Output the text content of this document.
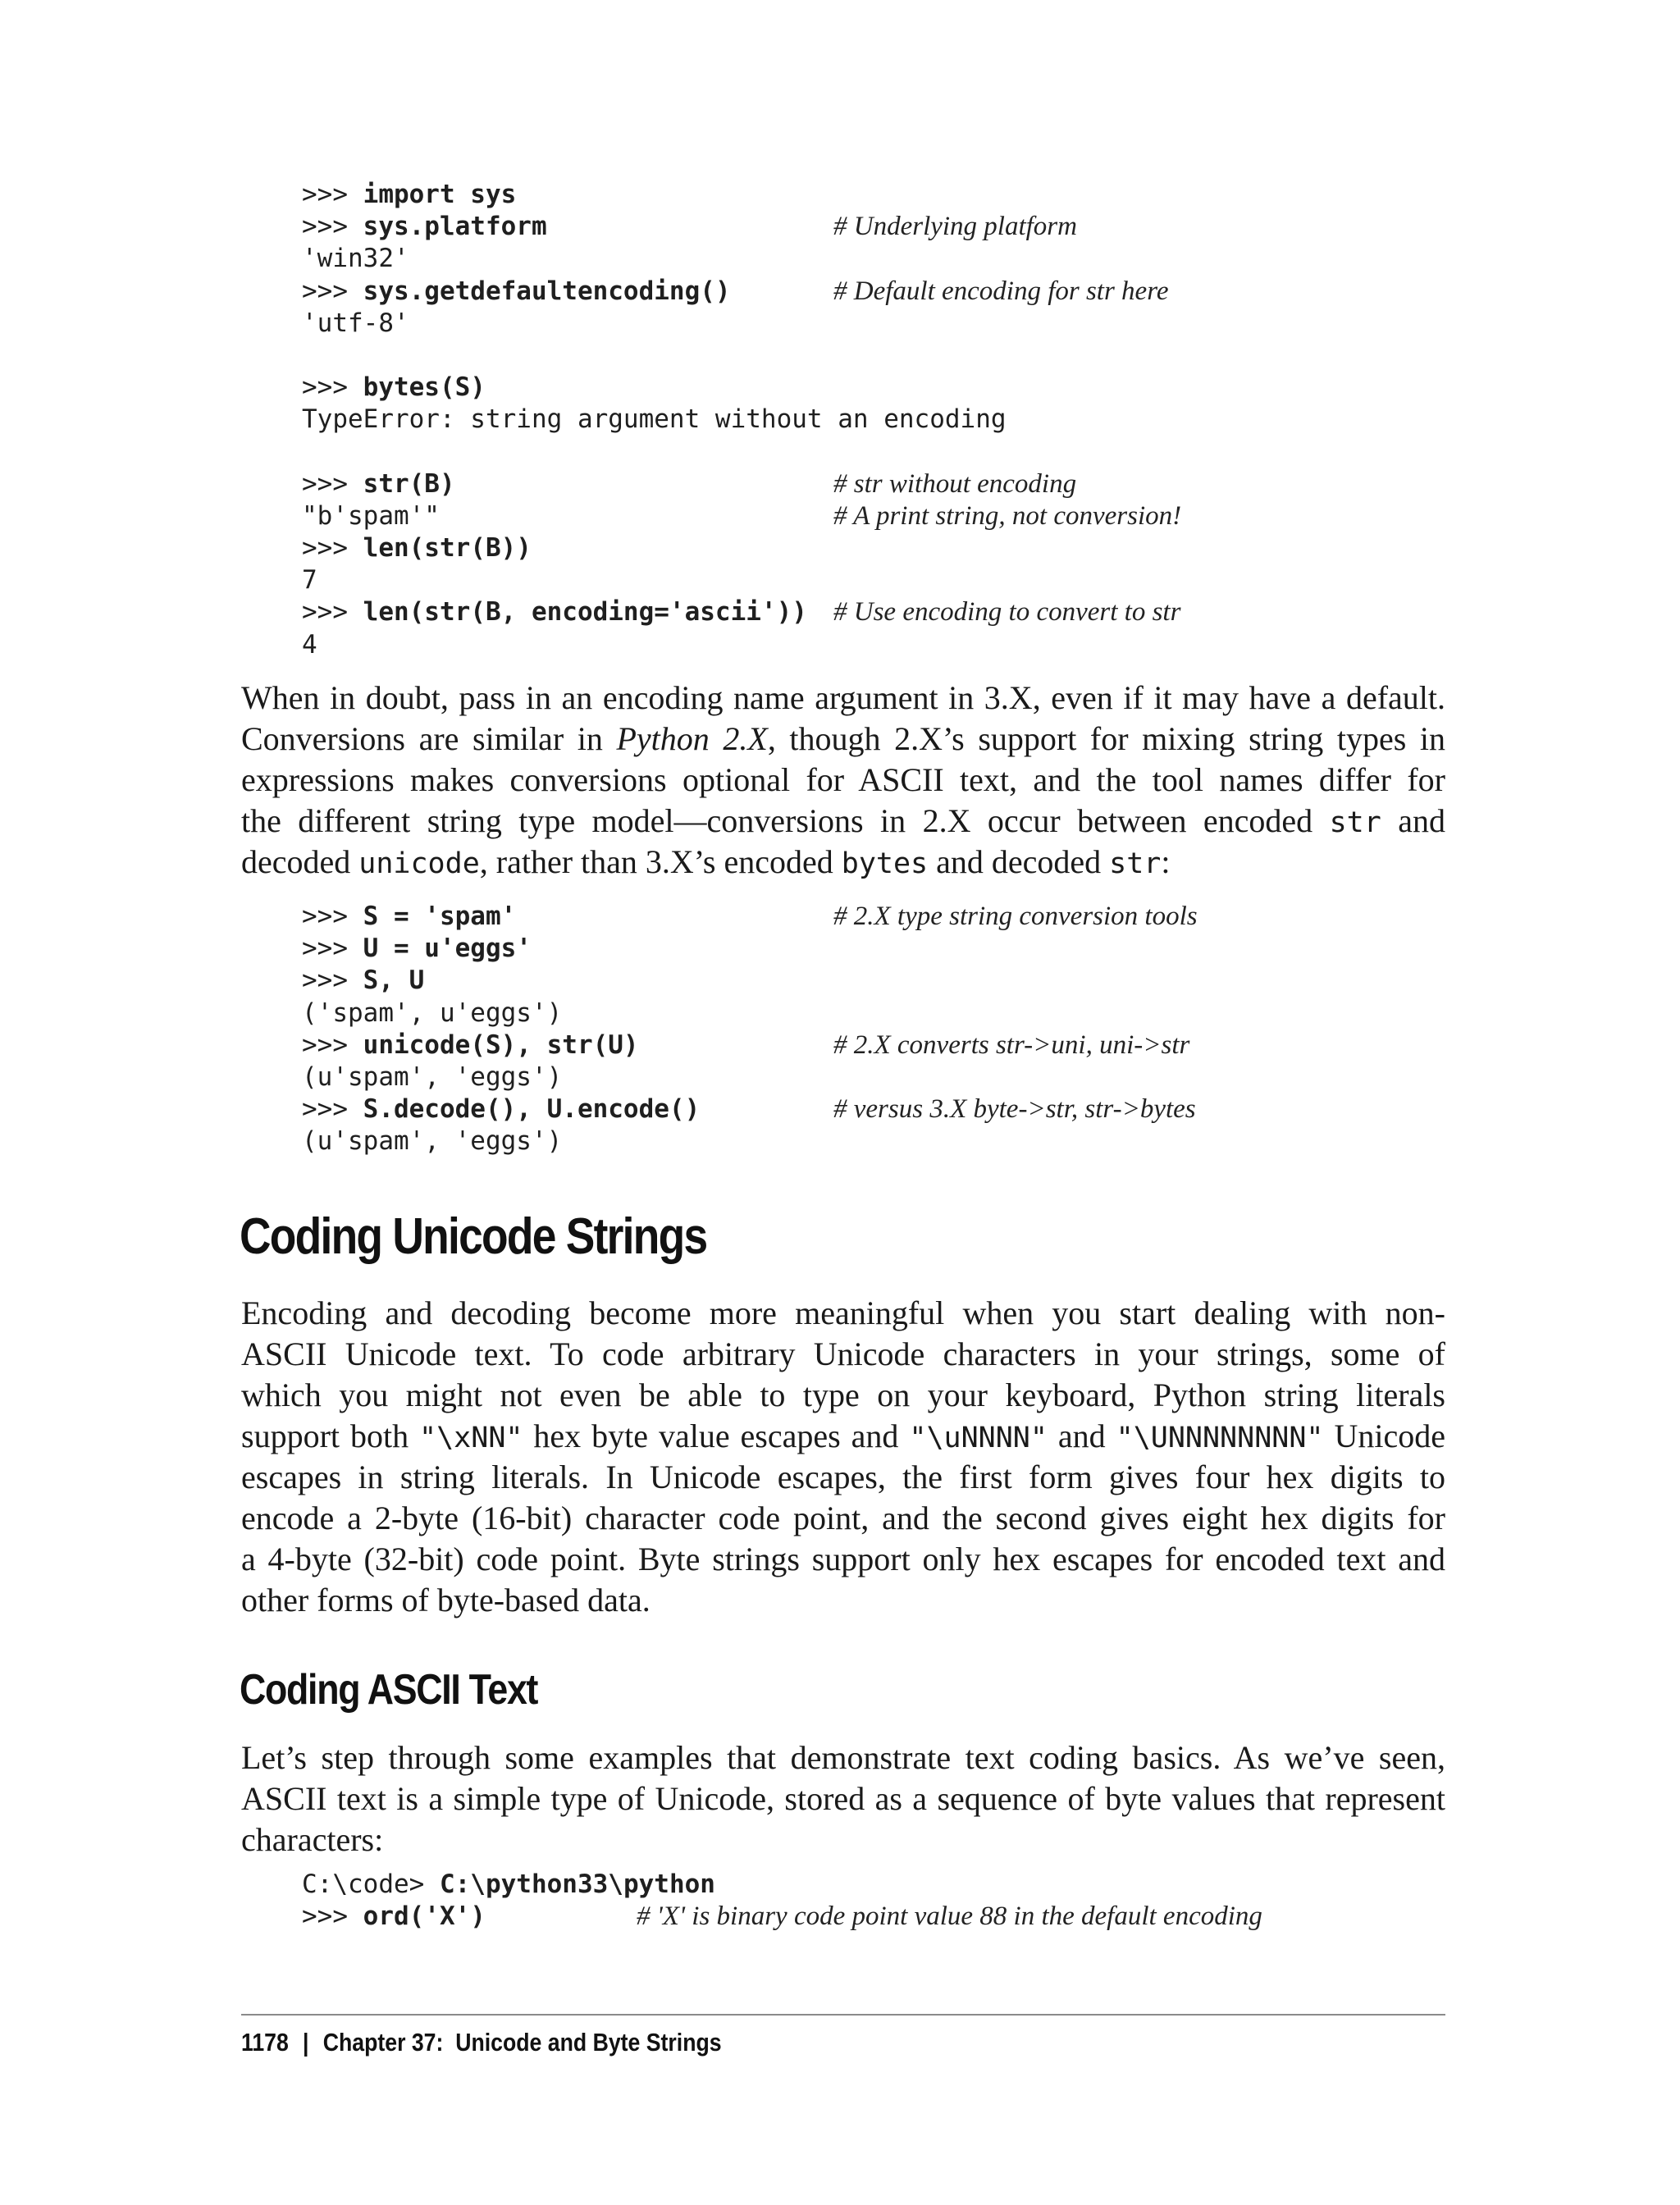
>>> import sys
>>> sys.platform	# Underlying platform
'win32'
>>> sys.getdefaultencoding()	# Default encoding for str here
'utf-8'
>>> bytes(S)
TypeError: string argument without an encoding
>>> str(B)	# str without encoding
"b'spam'"	# A print string, not conversion!
>>> len(str(B))
7
>>> len(str(B, encoding='ascii')) # Use encoding to convert to str
4
When in doubt, pass in an encoding name argument in 3.X, even if it may have a default.
Conversions are similar in Python 2.X, though 2.X’s support for mixing string types in
expressions makes conversions optional for ASCII text, and the tool names differ for
the different string type model—conversions in 2.X occur between encoded str and
decoded unicode, rather than 3.X’s encoded bytes and decoded str:
>>> S = 'spam'	# 2.X type string conversion tools
>>> U = u'eggs'
>>> S, U
('spam', u'eggs')
>>> unicode(S), str(U)	# 2.X converts str->uni, uni->str
(u'spam', 'eggs')
>>> S.decode(), U.encode()	# versus 3.X byte->str, str->bytes
(u'spam', 'eggs')
Coding Unicode Strings
Encoding and decoding become more meaningful when you start dealing with non-
ASCII Unicode text. To code arbitrary Unicode characters in your strings, some of
which you might not even be able to type on your keyboard, Python string literals
support both "\xNN" hex byte value escapes and "\uNNNN" and "\UNNNNNNNN" Unicode
escapes in string literals. In Unicode escapes, the first form gives four hex digits to
encode a 2-byte (16-bit) character code point, and the second gives eight hex digits for
a 4-byte (32-bit) code point. Byte strings support only hex escapes for encoded text and
other forms of byte-based data.
Coding ASCII Text
Let’s step through some examples that demonstrate text coding basics. As we’ve seen,
ASCII text is a simple type of Unicode, stored as a sequence of byte values that represent
characters:
C:\code> C:\python33\python
>>> ord('X')	# 'X' is binary code point value 88 in the default encoding
1178 | Chapter 37:  Unicode and Byte Strings
